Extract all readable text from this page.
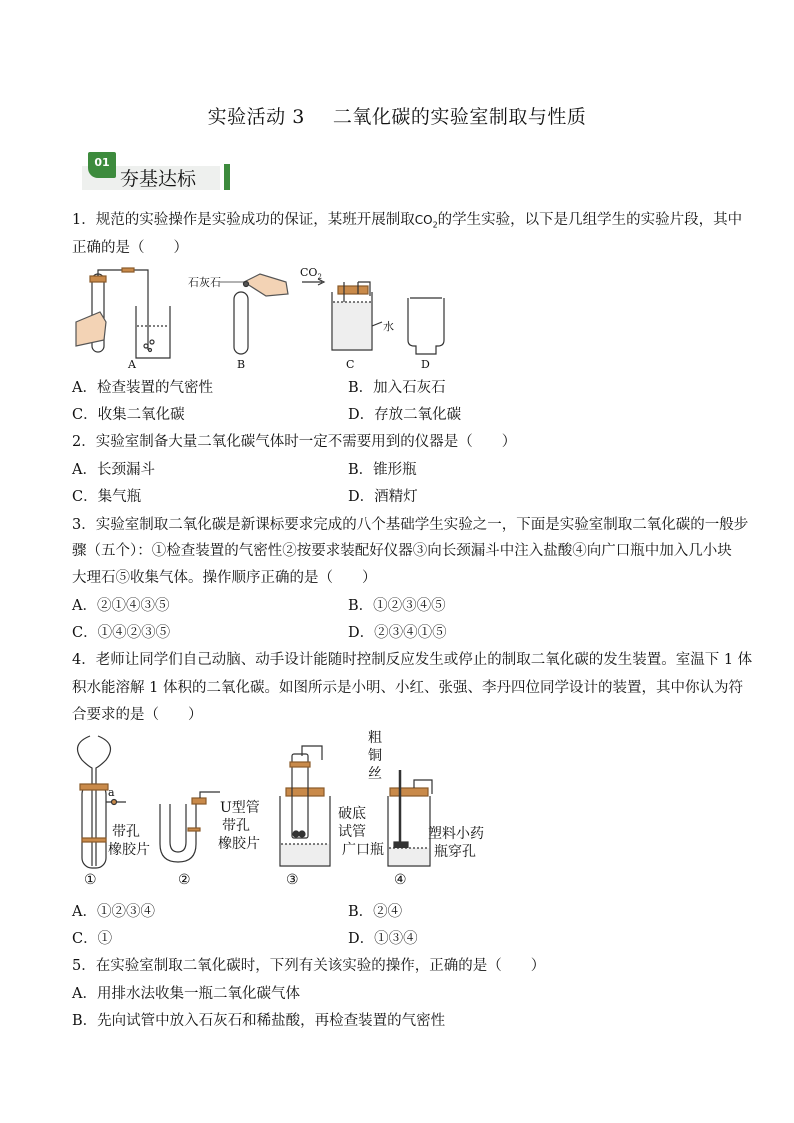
实验活动 3 二氧化碳的实验室制取与性质
01
夯基达标
1．规范的实验操作是实验成功的保证，某班开展制取$CO_2$的学生实验，以下是几组学生的实验片段，其中
正确的是（　　）
A	B	C	D
石灰石
$CO_2$
水
A．检查装置的气密性	B．加入石灰石
C．收集二氧化碳	D．存放二氧化碳
2．实验室制备大量二氧化碳气体时一定不需要用到的仪器是（　　）
A．长颈漏斗	B．锥形瓶
C．集气瓶	D．酒精灯
3．实验室制取二氧化碳是新课标要求完成的八个基础学生实验之一，下面是实验室制取二氧化碳的一般步
骤（五个）：①检查装置的气密性②按要求装配好仪器③向长颈漏斗中注入盐酸④向广口瓶中加入几小块
大理石⑤收集气体。操作顺序正确的是（　　）
A．②①④③⑤	B．①②③④⑤
C．①④②③⑤	D．②③④①⑤
4．老师让同学们自己动脑、动手设计能随时控制反应发生或停止的制取二氧化碳的发生装置。室温下 1 体
积水能溶解 1 体积的二氧化碳。如图所示是小明、小红、张强、李丹四位同学设计的装置，其中你认为符
合要求的是（　　）
①	②	③	④
a
带孔
橡胶片
U型管
带孔
橡胶片
破底
试管
广口瓶
粗
铜
丝
塑料小药
瓶穿孔
A．①②③④	B．②④
C．①	D．①③④
5．在实验室制取二氧化碳时，下列有关该实验的操作，正确的是（　　）
A．用排水法收集一瓶二氧化碳气体
B．先向试管中放入石灰石和稀盐酸，再检查装置的气密性
